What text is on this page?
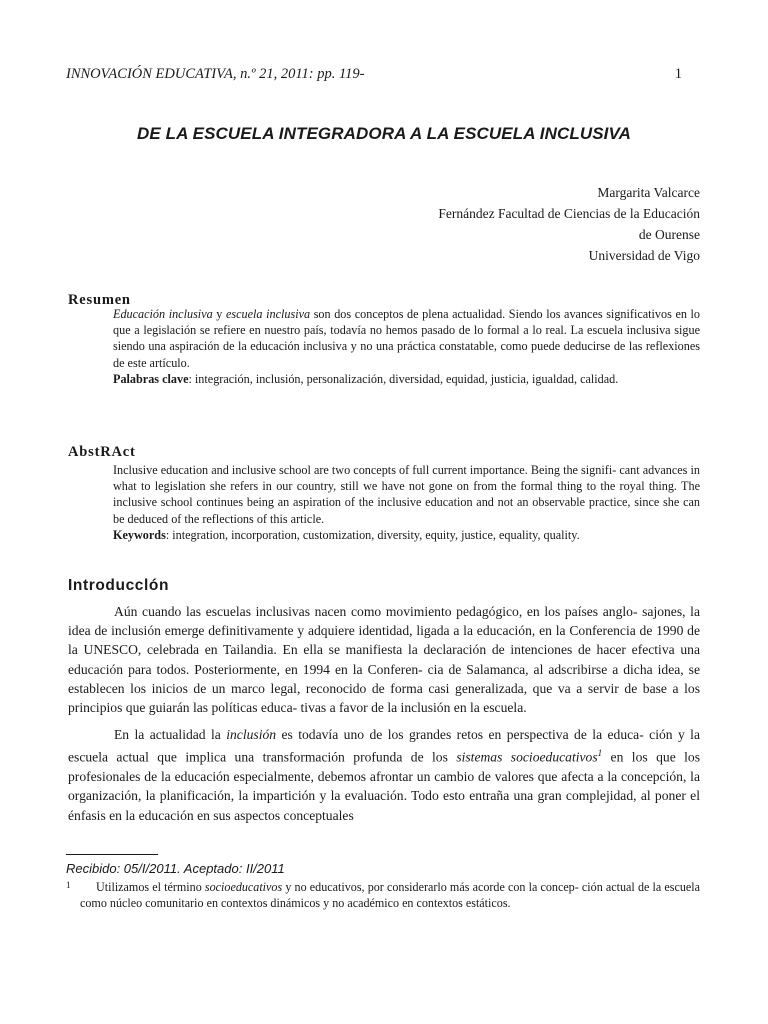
INNOVACIÓN EDUCATIVA, n.º 21, 2011: pp. 119-	1
DE LA ESCUELA INTEGRADORA A LA ESCUELA INCLUSIVA
Margarita Valcarce
Fernández Facultad de Ciencias de la Educación
de Ourense
Universidad de Vigo
Resumen

Educación inclusiva y escuela inclusiva son dos conceptos de plena actualidad. Siendo los avances significativos en lo que a legislación se refiere en nuestro país, todavía no hemos pasado de lo formal a lo real. La escuela inclusiva sigue siendo una aspiración de la educación inclusiva y no una práctica constatable, como puede deducirse de las reflexiones de este artículo.

Palabras clave: integración, inclusión, personalización, diversidad, equidad, justicia, igualdad, calidad.

AbstRAct

Inclusive education and inclusive school are two concepts of full current importance. Being the signifi- cant advances in what to legislation she refers in our country, still we have not gone on from the formal thing to the royal thing. The inclusive school continues being an aspiration of the inclusive education and not an observable practice, since she can be deduced of the reflections of this article.

Keywords: integration, incorporation, customization, diversity, equity, justice, equality, quality.

Introducclón

Aún cuando las escuelas inclusivas nacen como movimiento pedagógico, en los países anglo- sajones, la idea de inclusión emerge definitivamente y adquiere identidad, ligada a la educación, en la Conferencia de 1990 de la UNESCO, celebrada en Tailandia. En ella se manifiesta la declaración de intenciones de hacer efectiva una educación para todos. Posteriormente, en 1994 en la Conferen- cia de Salamanca, al adscribirse a dicha idea, se establecen los inicios de un marco legal, reconocido de forma casi generalizada, que va a servir de base a los principios que guiarán las políticas educa- tivas a favor de la inclusión en la escuela.

En la actualidad la inclusión es todavía uno de los grandes retos en perspectiva de la educa- ción y la escuela actual que implica una transformación profunda de los sistemas socioeducativos$^1$ en los que los profesionales de la educación especialmente, debemos afrontar un cambio de valores que afecta a la concepción, la organización, la planificación, la impartición y la evaluación. Todo esto entraña una gran complejidad, al poner el énfasis en la educación en sus aspectos conceptuales

Recibido: 05/I/2011. Aceptado: II/2011
1	Utilizamos el término socioeducativos y no educativos, por considerarlo más acorde con la concep- ción actual de la escuela como núcleo comunitario en contextos dinámicos y no académico en contextos estáticos.
